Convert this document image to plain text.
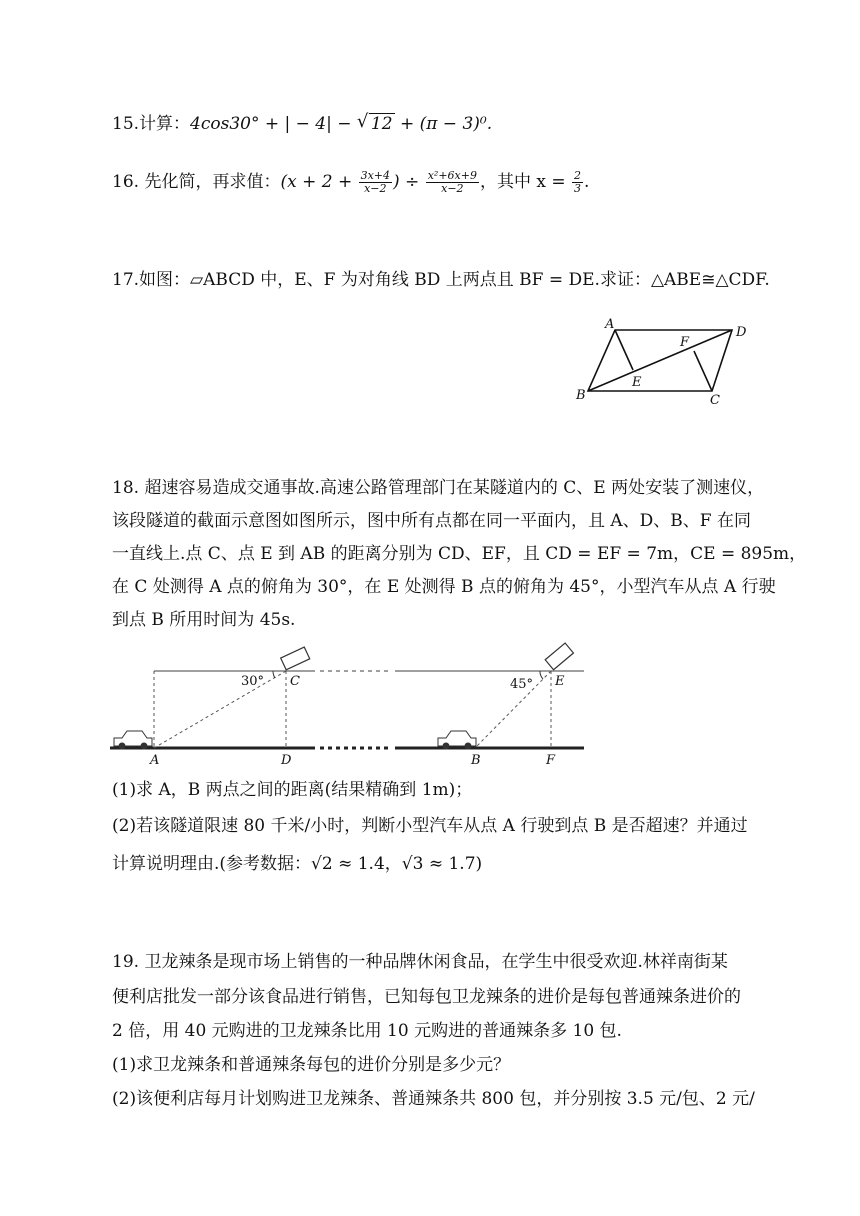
15.计算：4cos30° + | − 4| − √ 12 + (π − 3)⁰.
16. 先化简，再求值：($x + 2 + \frac{3x+4}{x-2}$ ) ÷ $\frac{\text{x²+6x+9}}{x-2}$ ，其中 $x = \frac{2}{3}$ .
17.如图：▱ABCD 中，E、F 为对角线 BD 上两点且 BF = DE.求证：△ABE≅△CDF.
A
B	C
D
E
F
18. 超速容易造成交通事故.高速公路管理部门在某隧道内的 C、E 两处安装了测速仪，
该段隧道的截面示意图如图所示，图中所有点都在同一平面内，且 A、D、B、F 在同
一直线上.点 C、点 E 到 AB 的距离分别为 CD、EF，且 CD = EF = 7m，CE = 895m，
在 C 处测得 A 点的俯角为 30°，在 E 处测得 B 点的俯角为 45°，小型汽车从点 A 行驶
到点 B 所用时间为 45s.
30°	45°
C	E
A	D	B	F
(1)求 A，B 两点之间的距离(结果精确到 1m)；
(2)若该隧道限速 80 千米/小时，判断小型汽车从点 A 行驶到点 B 是否超速？并通过
计算说明理由.(参考数据：√2 ≈ 1.4，√3 ≈ 1.7)
19. 卫龙辣条是现市场上销售的一种品牌休闲食品，在学生中很受欢迎.林祥南街某
便利店批发一部分该食品进行销售，已知每包卫龙辣条的进价是每包普通辣条进价的
2 倍，用 40 元购进的卫龙辣条比用 10 元购进的普通辣条多 10 包.
(1)求卫龙辣条和普通辣条每包的进价分别是多少元？
(2)该便利店每月计划购进卫龙辣条、普通辣条共 800 包，并分别按 3.5 元/包、2 元/
